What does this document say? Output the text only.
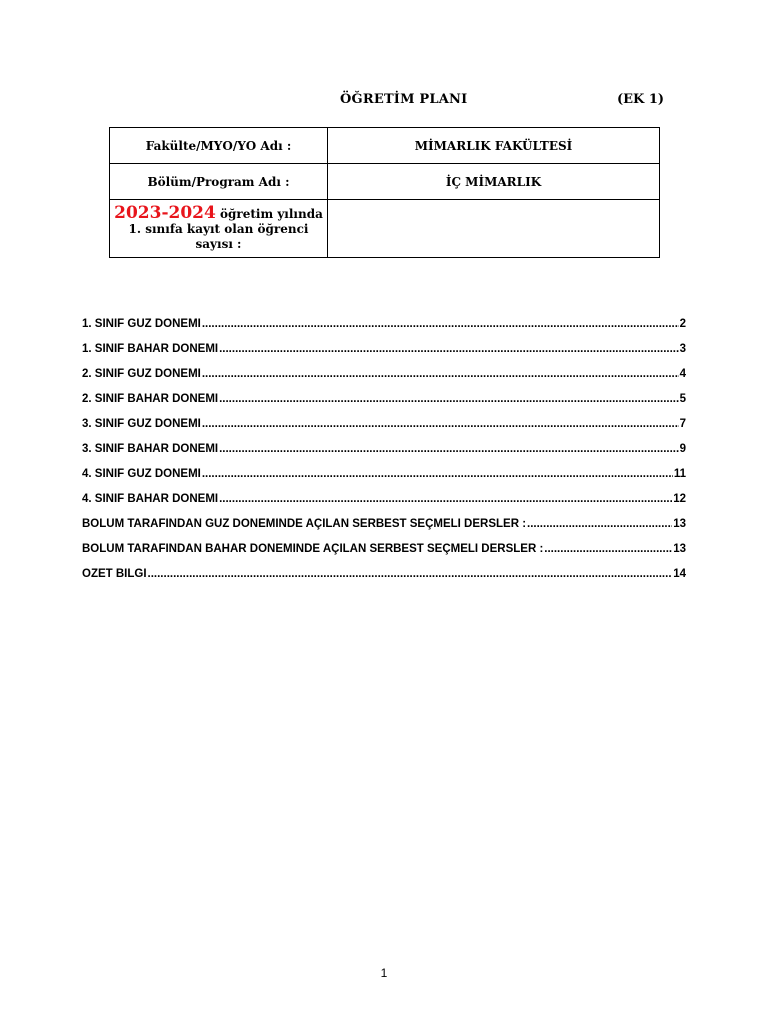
ÖĞRETİM PLANI	(EK 1)
Fakülte/MYO/YO Adı :	MİMARLIK FAKÜLTESİ
Bölüm/Program Adı :	İÇ MİMARLIK
2023-2024 öğretim yılında 1. sınıfa kayıt olan öğrenci sayısı :	
1. SINIF GÜZ DÖNEMİ .....	2
1. SINIF BAHAR DÖNEMİ .....	3
2. SINIF GÜZ DÖNEMİ .....	4
2. SINIF BAHAR DÖNEMİ .....	5
3. SINIF GÜZ DÖNEMİ .....	7
3. SINIF BAHAR DÖNEMİ .....	9
4. SINIF GÜZ DÖNEMİ .....	11
4. SINIF BAHAR DÖNEMİ .....	12
BÖLÜM TARAFINDAN GÜZ DÖNEMİNDE AÇILAN SERBEST SEÇMELİ DERSLER : .....	13
BÖLÜM TARAFINDAN BAHAR DÖNEMİNDE AÇILAN SERBEST SEÇMELİ DERSLER : .....	13
ÖZET BİLGİ .....	14
1
